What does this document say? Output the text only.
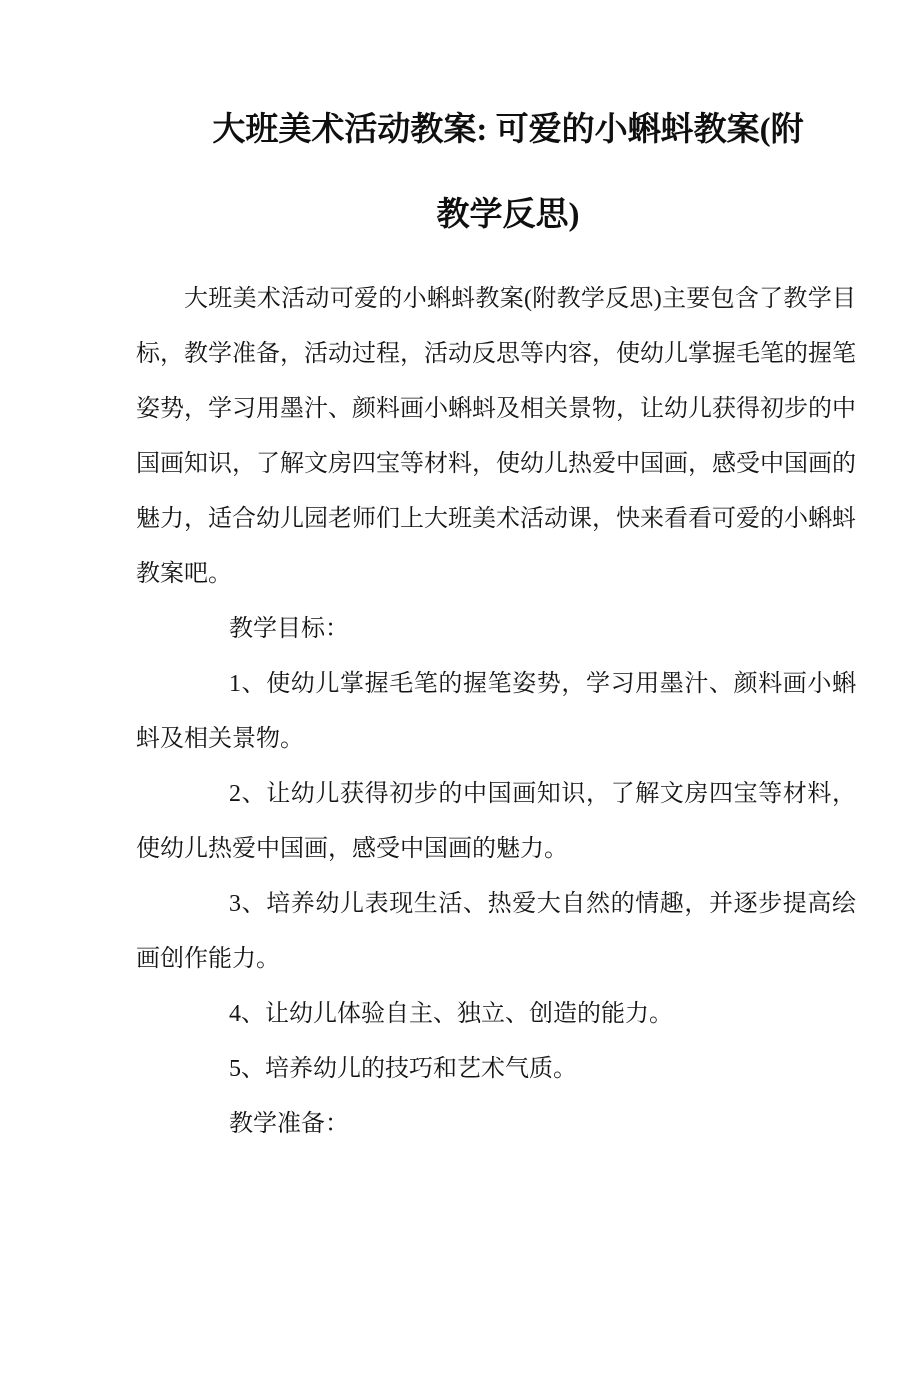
大班美术活动教案: 可爱的小蝌蚪教案(附
教学反思)

大班美术活动可爱的小蝌蚪教案(附教学反思)主要包含了教学目标，教学准备，活动过程，活动反思等内容，使幼儿掌握毛笔的握笔姿势，学习用墨汁、颜料画小蝌蚪及相关景物，让幼儿获得初步的中国画知识，了解文房四宝等材料，使幼儿热爱中国画，感受中国画的魅力，适合幼儿园老师们上大班美术活动课，快来看看可爱的小蝌蚪教案吧。

教学目标：

1、使幼儿掌握毛笔的握笔姿势，学习用墨汁、颜料画小蝌蚪及相关景物。

2、让幼儿获得初步的中国画知识，了解文房四宝等材料，使幼儿热爱中国画，感受中国画的魅力。

3、培养幼儿表现生活、热爱大自然的情趣，并逐步提高绘画创作能力。

4、让幼儿体验自主、独立、创造的能力。

5、培养幼儿的技巧和艺术气质。

教学准备：
